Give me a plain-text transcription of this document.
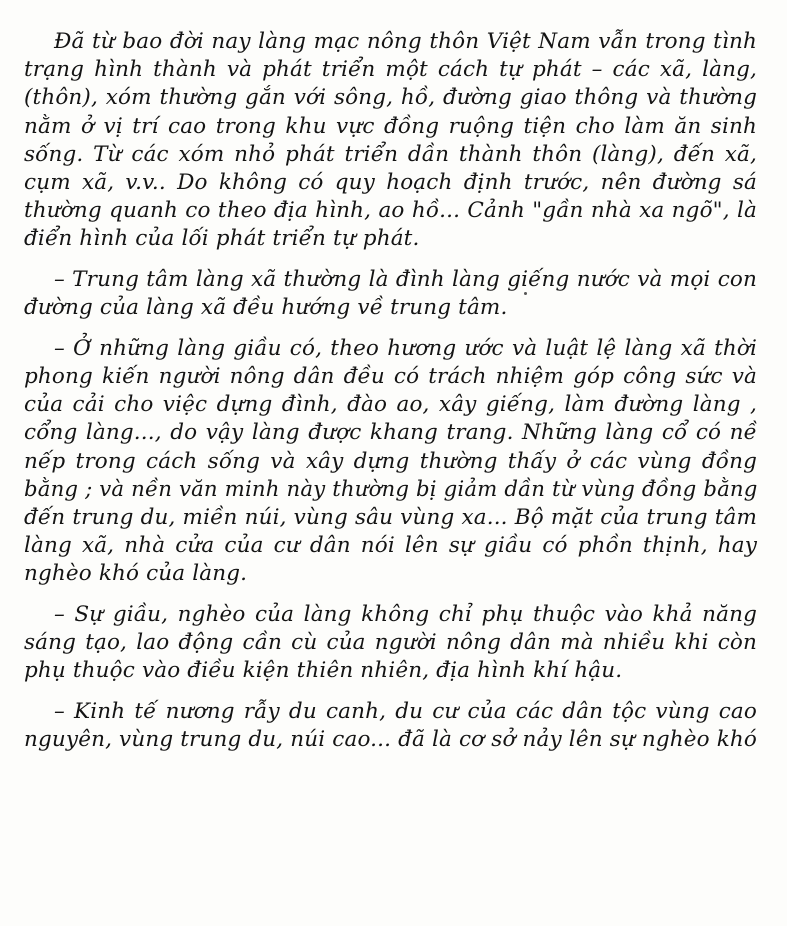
Đã từ bao đời nay làng mạc nông thôn Việt Nam vẫn trong tình
trạng hình thành và phát triển một cách tự phát – các xã, làng,
(thôn), xóm thường gắn với sông, hồ, đường giao thông và thường
nằm ở vị trí cao trong khu vực đồng ruộng tiện cho làm ăn sinh
sống. Từ các xóm nhỏ phát triển dần thành thôn (làng), đến xã,
cụm xã, v.v.. Do không có quy hoạch định trước, nên đường sá
thường quanh co theo địa hình, ao hồ... Cảnh "gần nhà xa ngõ", là
điển hình của lối phát triển tự phát.
– Trung tâm làng xã thường là đình làng giếng nước và mọi con
đường của làng xã đều hướng về trung tâm.
– Ở những làng giầu có, theo hương ước và luật lệ làng xã thời
phong kiến người nông dân đều có trách nhiệm góp công sức và
của cải cho việc dựng đình, đào ao, xây giếng, làm đường làng ,
cổng làng..., do vậy làng được khang trang. Những làng cổ có nề
nếp trong cách sống và xây dựng thường thấy ở các vùng đồng
bằng ; và nền văn minh này thường bị giảm dần từ vùng đồng bằng
đến trung du, miền núi, vùng sâu vùng xa... Bộ mặt của trung tâm
làng xã, nhà cửa của cư dân nói lên sự giầu có phồn thịnh, hay
nghèo khó của làng.
– Sự giầu, nghèo của làng không chỉ phụ thuộc vào khả năng
sáng tạo, lao động cần cù của người nông dân mà nhiều khi còn
phụ thuộc vào điều kiện thiên nhiên, địa hình khí hậu.
– Kinh tế nương rẫy du canh, du cư của các dân tộc vùng cao
nguyên, vùng trung du, núi cao... đã là cơ sở nảy lên sự nghèo khó
